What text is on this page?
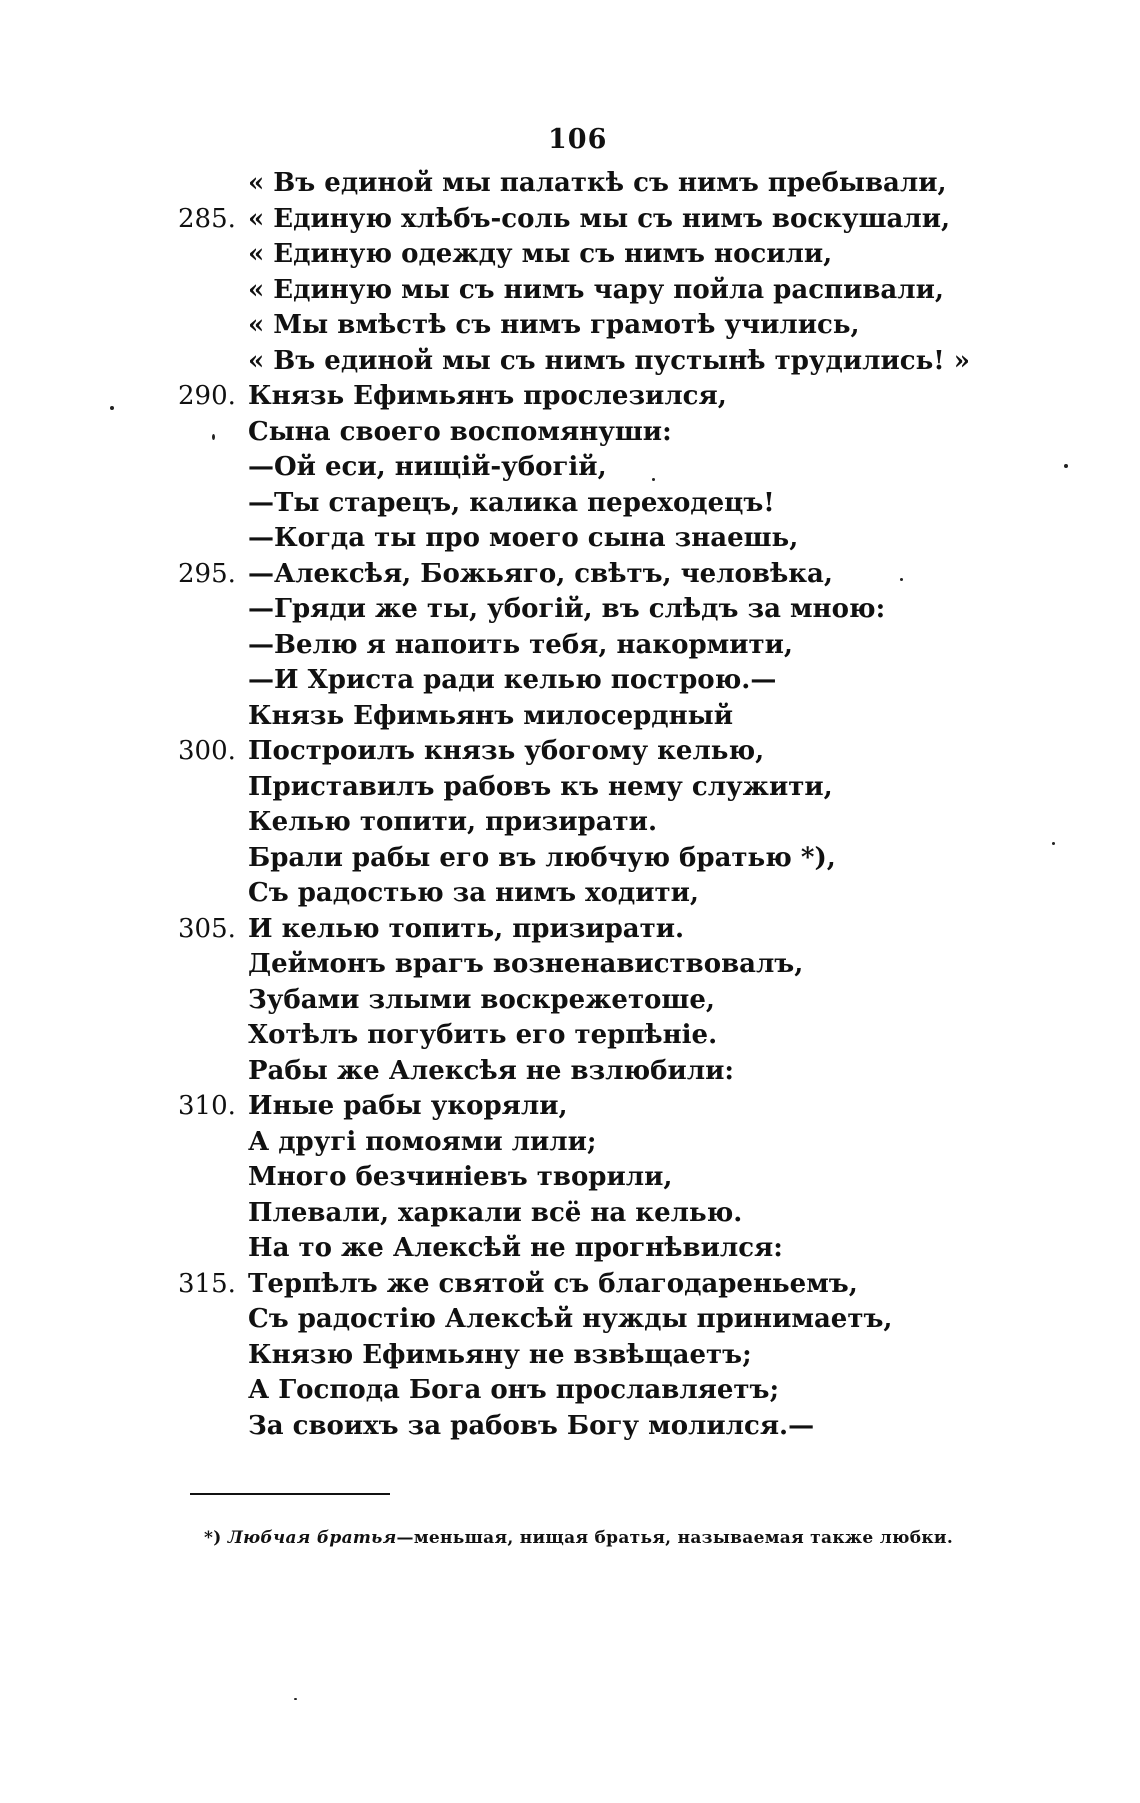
106
« Въ единой мы палаткѣ съ нимъ пребывали,
285. « Единую хлѣбъ-соль мы съ нимъ воскушали,
« Единую одежду мы съ нимъ носили,
« Единую мы съ нимъ чару пойла распивали,
« Мы вмѣстѣ съ нимъ грамотѣ учились,
« Въ единой мы съ нимъ пустынѣ трудились! »
290. Князь Ефимьянъ прослезился,
Сына своего воспомянуши:
—Ой еси, нищій-убогій,
—Ты старецъ, калика переходецъ!
—Когда ты про моего сына знаешь,
295. —Алексѣя, Божьяго, свѣтъ, человѣка,
—Гряди же ты, убогій, въ слѣдъ за мною:
—Велю я напоить тебя, накормити,
—И Христа ради келью построю.—
Князь Ефимьянъ милосердный
300. Построилъ князь убогому келью,
Приставилъ рабовъ къ нему служити,
Келью топити, призирати.
Брали рабы его въ любчую братью *),
Съ радостью за нимъ ходити,
305. И келью топить, призирати.
Деймонъ врагъ возненавиствовалъ,
Зубами злыми воскрежетоше,
Хотѣлъ погубить его терпѣніе.
Рабы же Алексѣя не взлюбили:
310. Иные рабы укоряли,
А другі помоями лили;
Много безчиніевъ творили,
Плевали, харкали всё на келью.
На то же Алексѣй не прогнѣвился:
315. Терпѣлъ же святой съ благодареньемъ,
Съ радостію Алексѣй нужды принимаетъ,
Князю Ефимьяну не взвѣщаетъ;
А Господа Бога онъ прославляетъ;
За своихъ за рабовъ Богу молился.—
*) Любчая братья—меньшая, нищая братья, называемая также любки.
